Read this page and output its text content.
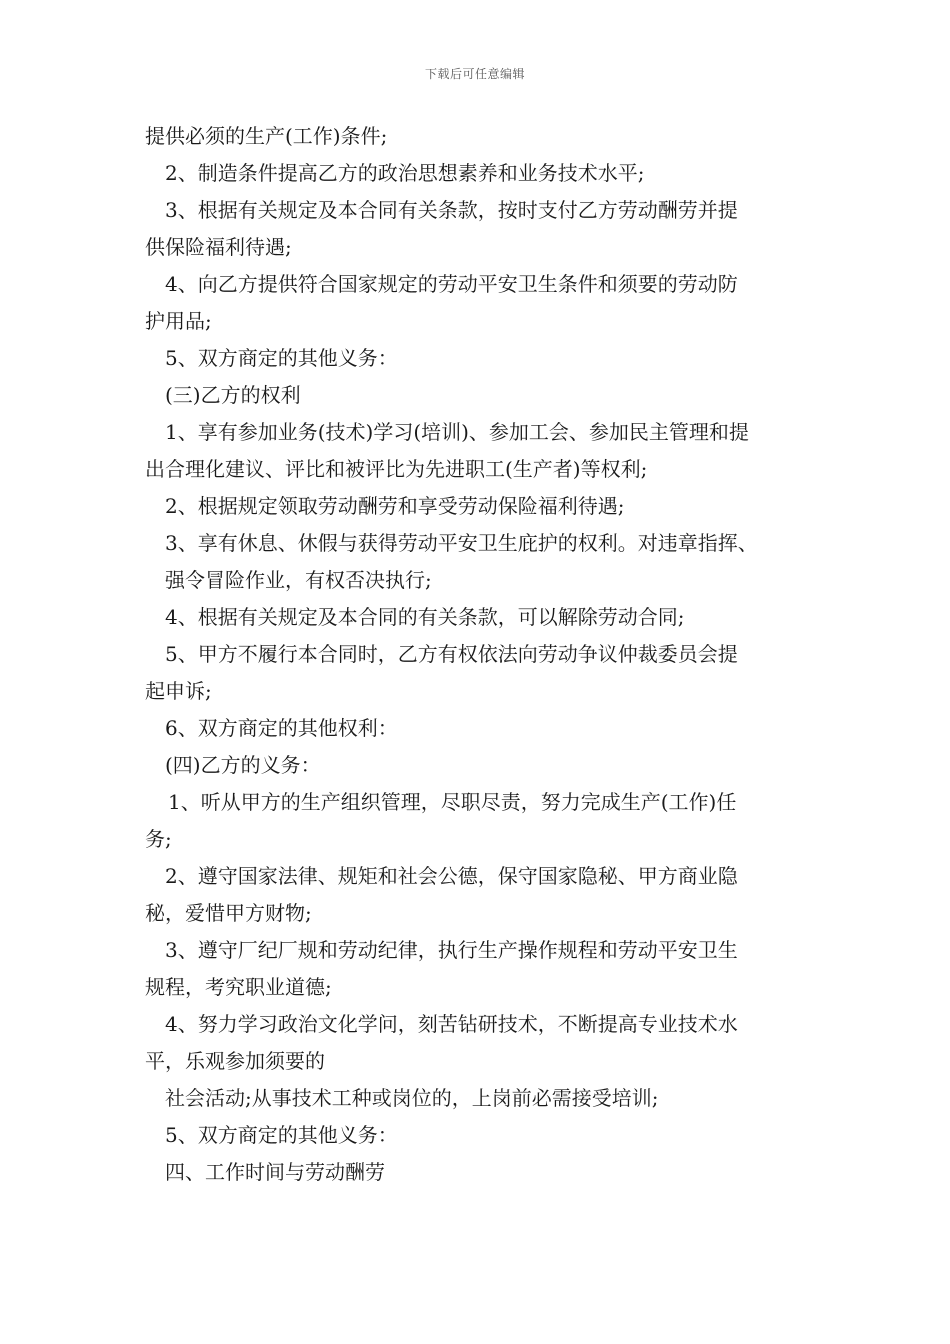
下载后可任意编辑
提供必须的生产(工作)条件;
2、制造条件提高乙方的政治思想素养和业务技术水平;
3、根据有关规定及本合同有关条款，按时支付乙方劳动酬劳并提
供保险福利待遇;
4、向乙方提供符合国家规定的劳动平安卫生条件和须要的劳动防
护用品;
5、双方商定的其他义务：
(三)乙方的权利
1、享有参加业务(技术)学习(培训)、参加工会、参加民主管理和提
出合理化建议、评比和被评比为先进职工(生产者)等权利;
2、根据规定领取劳动酬劳和享受劳动保险福利待遇;
3、享有休息、休假与获得劳动平安卫生庇护的权利。对违章指挥、
强令冒险作业，有权否决执行;
4、根据有关规定及本合同的有关条款，可以解除劳动合同;
5、甲方不履行本合同时，乙方有权依法向劳动争议仲裁委员会提
起申诉;
6、双方商定的其他权利：
(四)乙方的义务：
1、听从甲方的生产组织管理，尽职尽责，努力完成生产(工作)任
务;
2、遵守国家法律、规矩和社会公德，保守国家隐秘、甲方商业隐
秘，爱惜甲方财物;
3、遵守厂纪厂规和劳动纪律，执行生产操作规程和劳动平安卫生
规程，考究职业道德;
4、努力学习政治文化学问，刻苦钻研技术，不断提高专业技术水
平，乐观参加须要的
社会活动;从事技术工种或岗位的，上岗前必需接受培训;
5、双方商定的其他义务：
四、工作时间与劳动酬劳
